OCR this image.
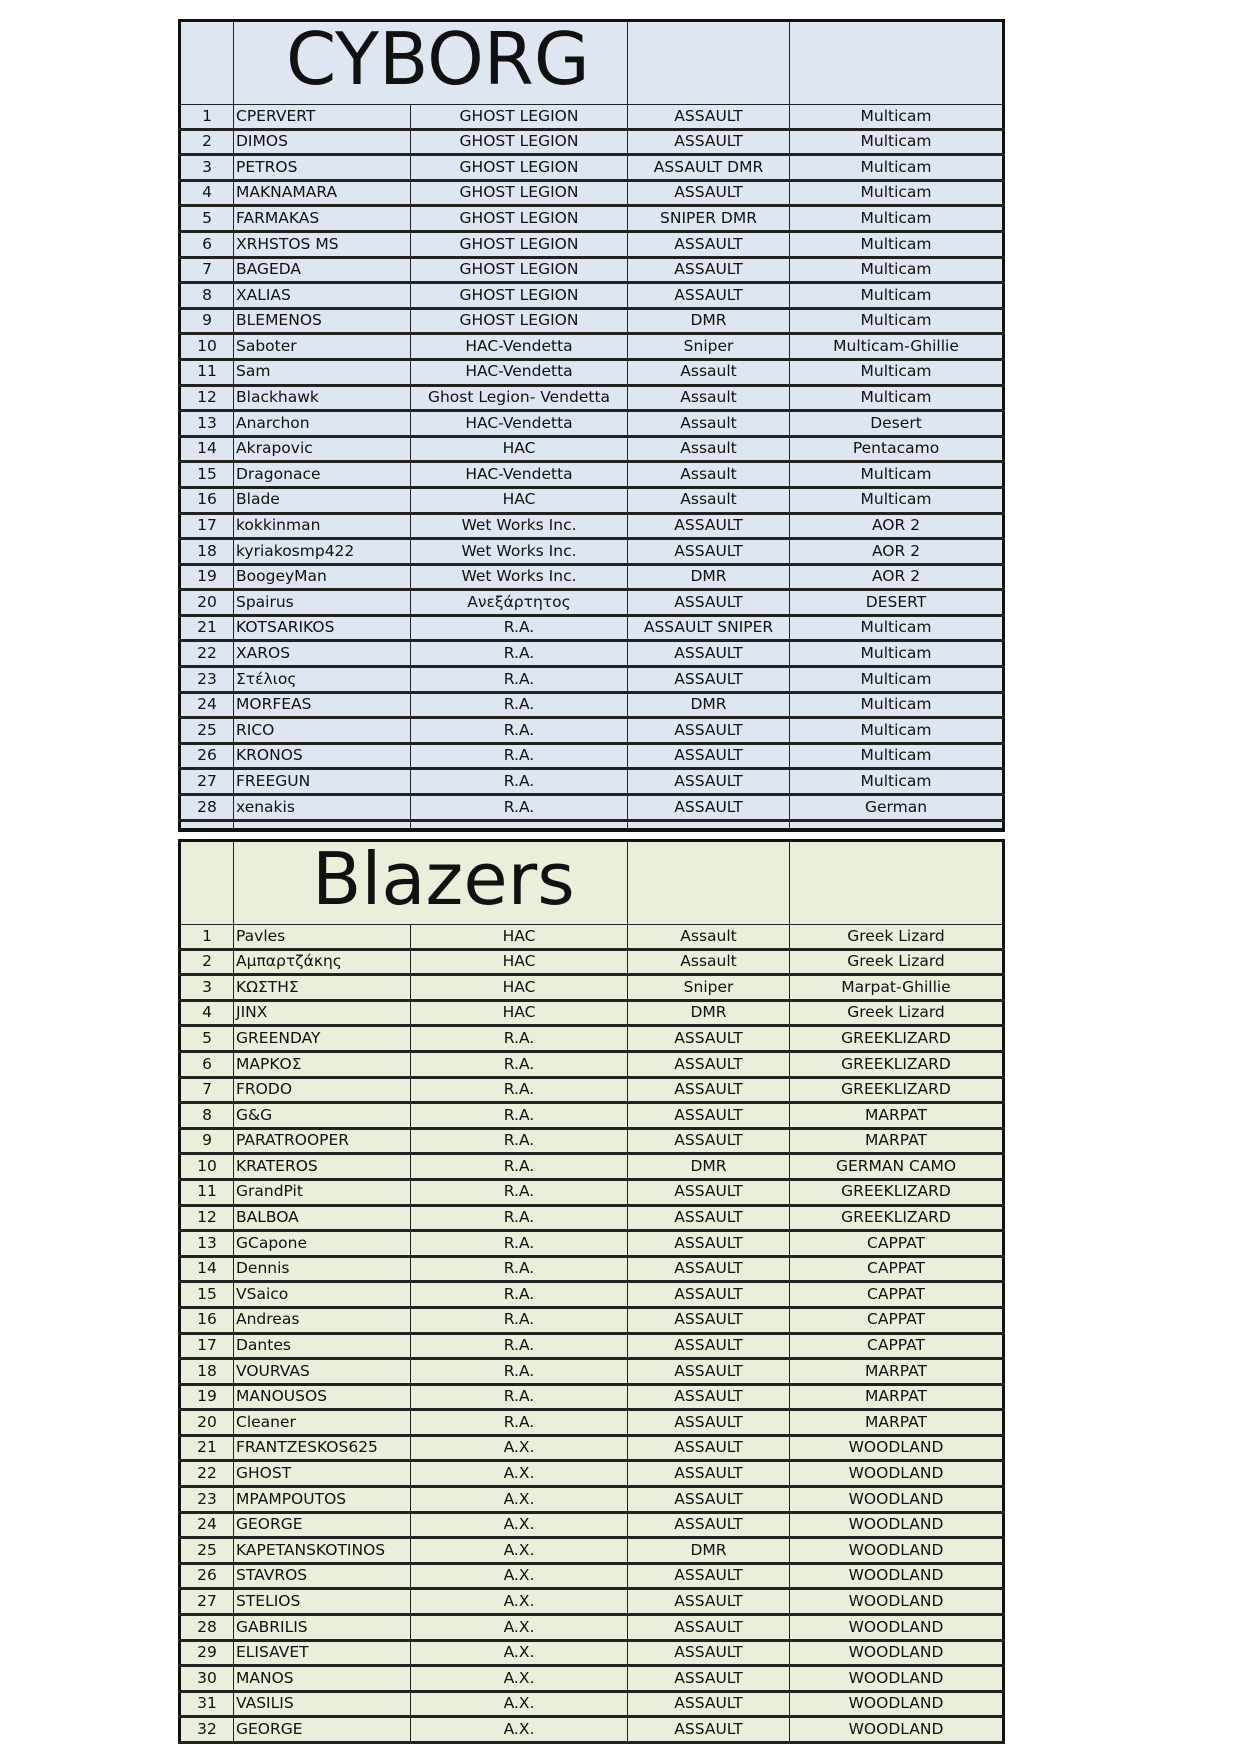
	CYBORG			
1	CPERVERT	GHOST LEGION	ASSAULT	Multicam
2	DIMOS	GHOST LEGION	ASSAULT	Multicam
3	PETROS	GHOST LEGION	ASSAULT DMR	Multicam
4	MAKNAMARA	GHOST LEGION	ASSAULT	Multicam
5	FARMAKAS	GHOST LEGION	SNIPER DMR	Multicam
6	XRHSTOS MS	GHOST LEGION	ASSAULT	Multicam
7	BAGEDA	GHOST LEGION	ASSAULT	Multicam
8	XALIAS	GHOST LEGION	ASSAULT	Multicam
9	BLEMENOS	GHOST LEGION	DMR	Multicam
10	Saboter	HAC-Vendetta	Sniper	Multicam-Ghillie
11	Sam	HAC-Vendetta	Assault	Multicam
12	Blackhawk	Ghost Legion- Vendetta	Assault	Multicam
13	Anarchon	HAC-Vendetta	Assault	Desert
14	Akrapovic	HAC	Assault	Pentacamo
15	Dragonace	HAC-Vendetta	Assault	Multicam
16	Blade	HAC	Assault	Multicam
17	kokkinman	Wet Works Inc.	ASSAULT	AOR 2
18	kyriakosmp422	Wet Works Inc.	ASSAULT	AOR 2
19	BoogeyMan	Wet Works Inc.	DMR	AOR 2
20	Spairus	Ανεξάρτητος	ASSAULT	DESERT
21	KOTSARIKOS	R.A.	ASSAULT SNIPER	Multicam
22	XAROS	R.A.	ASSAULT	Multicam
23	Στέλιος	R.A.	ASSAULT	Multicam
24	MORFEAS	R.A.	DMR	Multicam
25	RICO	R.A.	ASSAULT	Multicam
26	KRONOS	R.A.	ASSAULT	Multicam
27	FREEGUN	R.A.	ASSAULT	Multicam
28	xenakis	R.A.	ASSAULT	German

	Blazers			
1	Pavles	HAC	Assault	Greek Lizard
2	Αμπαρτζάκης	HAC	Assault	Greek Lizard
3	ΚΩΣΤΗΣ	HAC	Sniper	Marpat-Ghillie
4	JINX	HAC	DMR	Greek Lizard
5	GREENDAY	R.A.	ASSAULT	GREEKLIZARD
6	ΜΑΡΚΟΣ	R.A.	ASSAULT	GREEKLIZARD
7	FRODO	R.A.	ASSAULT	GREEKLIZARD
8	G&G	R.A.	ASSAULT	MARPAT
9	PARATROOPER	R.A.	ASSAULT	MARPAT
10	KRATEROS	R.A.	DMR	GERMAN CAMO
11	GrandPit	R.A.	ASSAULT	GREEKLIZARD
12	BALBOA	R.A.	ASSAULT	GREEKLIZARD
13	GCapone	R.A.	ASSAULT	CAPPAT
14	Dennis	R.A.	ASSAULT	CAPPAT
15	VSaico	R.A.	ASSAULT	CAPPAT
16	Andreas	R.A.	ASSAULT	CAPPAT
17	Dantes	R.A.	ASSAULT	CAPPAT
18	VOURVAS	R.A.	ASSAULT	MARPAT
19	MANOUSOS	R.A.	ASSAULT	MARPAT
20	Cleaner	R.A.	ASSAULT	MARPAT
21	FRANTZESKOS625	A.X.	ASSAULT	WOODLAND
22	GHOST	A.X.	ASSAULT	WOODLAND
23	MPAMPOUTOS	A.X.	ASSAULT	WOODLAND
24	GEORGE	A.X.	ASSAULT	WOODLAND
25	KAPETANSKOTINOS	A.X.	DMR	WOODLAND
26	STAVROS	A.X.	ASSAULT	WOODLAND
27	STELIOS	A.X.	ASSAULT	WOODLAND
28	GABRILIS	A.X.	ASSAULT	WOODLAND
29	ELISAVET	A.X.	ASSAULT	WOODLAND
30	MANOS	A.X.	ASSAULT	WOODLAND
31	VASILIS	A.X.	ASSAULT	WOODLAND
32	GEORGE	A.X.	ASSAULT	WOODLAND
